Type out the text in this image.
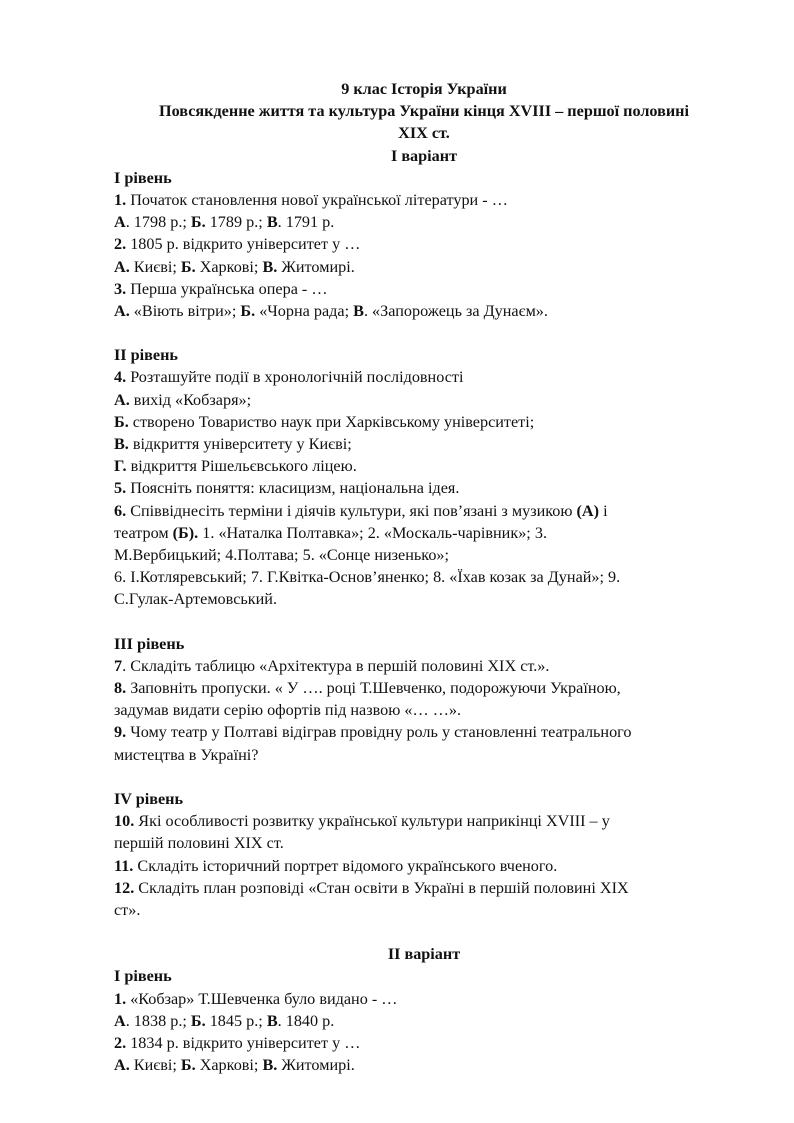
9 клас Історія України

Повсякденне життя та культура України кінця XVIII – першої половині

XIX ст.

I варіант

I рівень

1. Початок становлення нової української літератури - …

А. 1798 р.; Б. 1789 р.; В. 1791 р.

2. 1805 р. відкрито університет у …

А. Києві; Б. Харкові; В. Житомирі.

3. Перша українська опера - …

А. «Віють вітри»; Б. «Чорна рада; В. «Запорожець за Дунаєм».

II рівень

4. Розташуйте події в хронологічній послідовності

А. вихід «Кобзаря»;

Б. створено Товариство наук при Харківському університеті;

В. відкриття університету у Києві;

Г. відкриття Рішельєвського ліцею.

5. Поясніть поняття: класицизм, національна ідея.

6. Співвіднесіть терміни і діячів культури, які пов’язані з музикою (А) і

театром (Б). 1. «Наталка Полтавка»; 2. «Москаль-чарівник»; 3.

М.Вербицький; 4.Полтава; 5. «Сонце низенько»;

6. І.Котляревський; 7. Г.Квітка-Основ’яненко; 8. «Їхав козак за Дунай»; 9.

С.Гулак-Артемовський.

III рівень

7. Складіть таблицю «Архітектура в першій половині XIX ст.».

8. Заповніть пропуски. « У …. році Т.Шевченко, подорожуючи Україною,

задумав видати серію офортів під назвою «… …».

9. Чому театр у Полтаві відіграв провідну роль у становленні театрального

мистецтва в Україні?

IV рівень

10. Які особливості розвитку української культури наприкінці XVIII – у

першій половині XIX ст.

11. Складіть історичний портрет відомого українського вченого.

12. Складіть план розповіді «Стан освіти в Україні в першій половині XIX

ст».

II варіант

I рівень

1. «Кобзар» Т.Шевченка було видано - …

А. 1838 р.; Б. 1845 р.; В. 1840 р.

2. 1834 р. відкрито університет у …

А. Києві; Б. Харкові; В. Житомирі.
